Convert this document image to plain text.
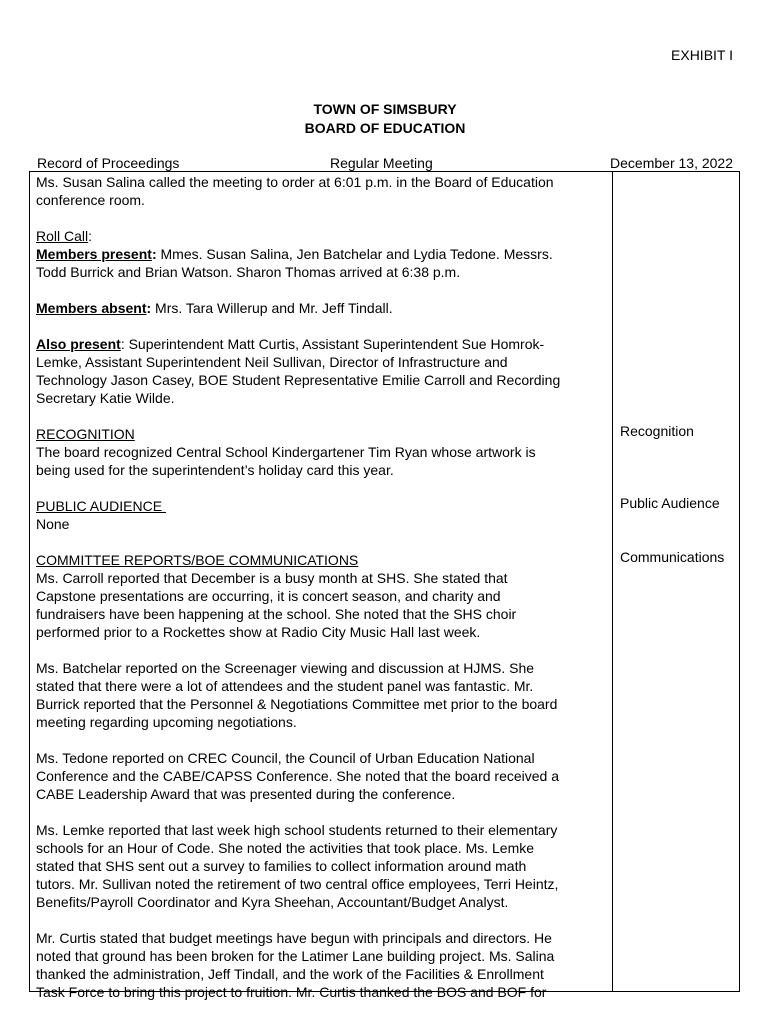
EXHIBIT I
TOWN OF SIMSBURY
BOARD OF EDUCATION
Record of Proceedings	Regular Meeting	December 13, 2022

Ms. Susan Salina called the meeting to order at 6:01 p.m. in the Board of Education
conference room.

Roll Call:
Members present: Mmes. Susan Salina, Jen Batchelar and Lydia Tedone. Messrs.
Todd Burrick and Brian Watson. Sharon Thomas arrived at 6:38 p.m.

Members absent: Mrs. Tara Willerup and Mr. Jeff Tindall.

Also present: Superintendent Matt Curtis, Assistant Superintendent Sue Homrok-
Lemke, Assistant Superintendent Neil Sullivan, Director of Infrastructure and
Technology Jason Casey, BOE Student Representative Emilie Carroll and Recording
Secretary Katie Wilde.

RECOGNITION
The board recognized Central School Kindergartener Tim Ryan whose artwork is
being used for the superintendent’s holiday card this year.

PUBLIC AUDIENCE
None

COMMITTEE REPORTS/BOE COMMUNICATIONS
Ms. Carroll reported that December is a busy month at SHS. She stated that
Capstone presentations are occurring, it is concert season, and charity and
fundraisers have been happening at the school. She noted that the SHS choir
performed prior to a Rockettes show at Radio City Music Hall last week.

Ms. Batchelar reported on the Screenager viewing and discussion at HJMS. She
stated that there were a lot of attendees and the student panel was fantastic. Mr.
Burrick reported that the Personnel & Negotiations Committee met prior to the board
meeting regarding upcoming negotiations.

Ms. Tedone reported on CREC Council, the Council of Urban Education National
Conference and the CABE/CAPSS Conference. She noted that the board received a
CABE Leadership Award that was presented during the conference.

Ms. Lemke reported that last week high school students returned to their elementary
schools for an Hour of Code. She noted the activities that took place. Ms. Lemke
stated that SHS sent out a survey to families to collect information around math
tutors. Mr. Sullivan noted the retirement of two central office employees, Terri Heintz,
Benefits/Payroll Coordinator and Kyra Sheehan, Accountant/Budget Analyst.

Mr. Curtis stated that budget meetings have begun with principals and directors. He
noted that ground has been broken for the Latimer Lane building project. Ms. Salina
thanked the administration, Jeff Tindall, and the work of the Facilities & Enrollment
Task Force to bring this project to fruition. Mr. Curtis thanked the BOS and BOF for

Recognition
Public Audience
Communications
